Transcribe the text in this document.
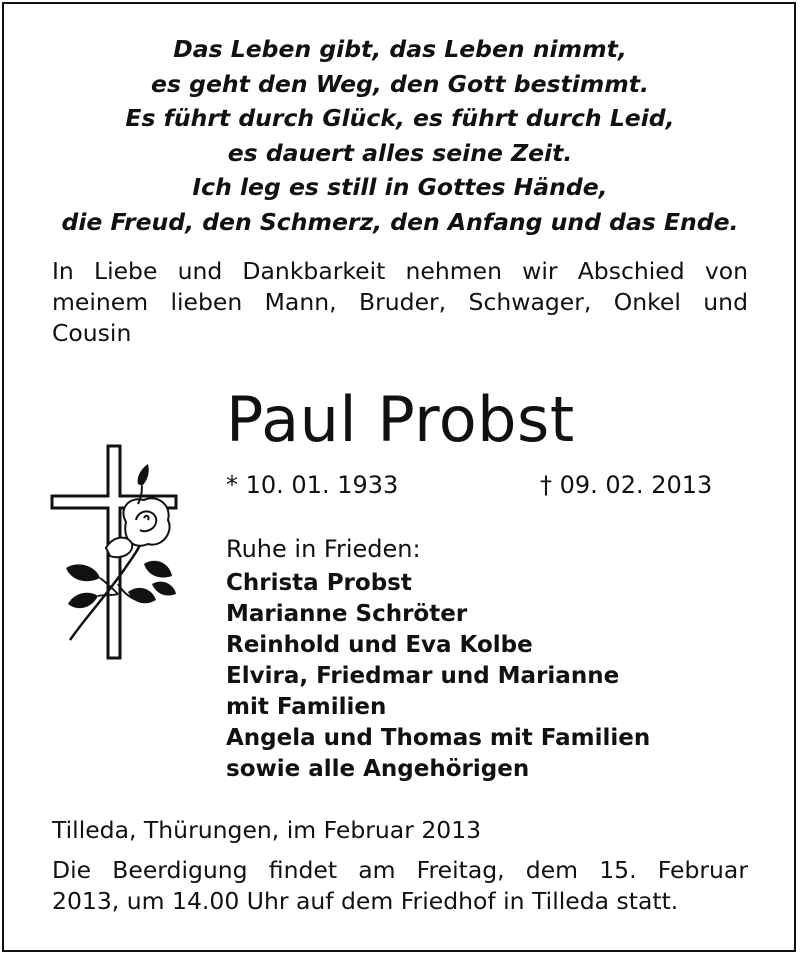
Das Leben gibt, das Leben nimmt,
es geht den Weg, den Gott bestimmt.
Es führt durch Glück, es führt durch Leid,
es dauert alles seine Zeit.
Ich leg es still in Gottes Hände,
die Freud, den Schmerz, den Anfang und das Ende.
In Liebe und Dankbarkeit nehmen wir Abschied von
meinem lieben Mann, Bruder, Schwager, Onkel und
Cousin
Paul Probst
* 10. 01. 1933	† 09. 02. 2013
Ruhe in Frieden:
Christa Probst
Marianne Schröter
Reinhold und Eva Kolbe
Elvira, Friedmar und Marianne
mit Familien
Angela und Thomas mit Familien
sowie alle Angehörigen
Tilleda, Thürungen, im Februar 2013
Die Beerdigung findet am Freitag, dem 15. Februar
2013, um 14.00 Uhr auf dem Friedhof in Tilleda statt.
